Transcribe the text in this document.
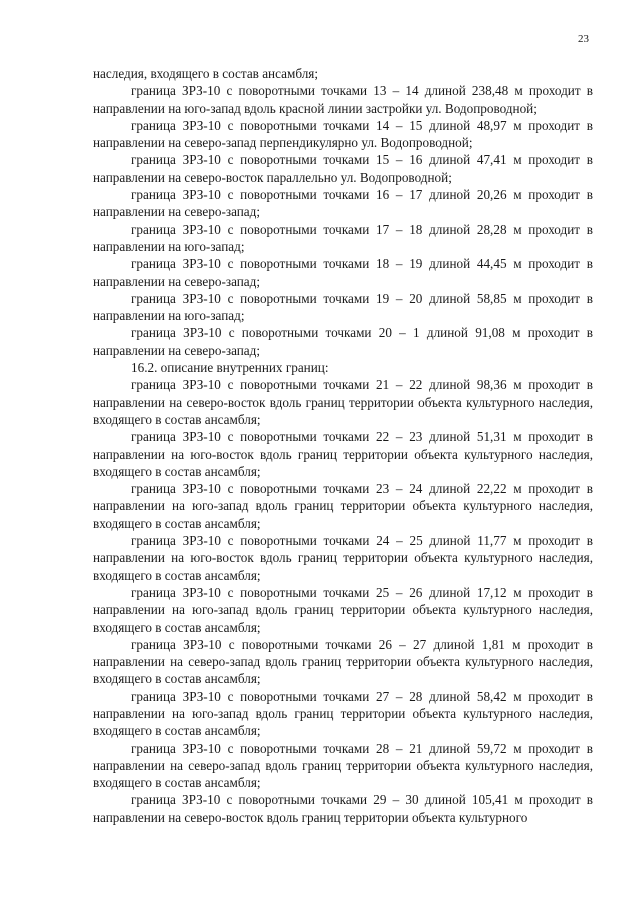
23

наследия, входящего в состав ансамбля;

граница ЗРЗ-10 с поворотными точками 13 – 14 длиной 238,48 м проходит в направлении на юго-запад вдоль красной линии застройки ул. Водопроводной;

граница ЗРЗ-10 с поворотными точками 14 – 15 длиной 48,97 м проходит в направлении на северо-запад перпендикулярно ул. Водопроводной;

граница ЗРЗ-10 с поворотными точками 15 – 16 длиной 47,41 м проходит в направлении на северо-восток параллельно ул. Водопроводной;

граница ЗРЗ-10 с поворотными точками 16 – 17 длиной 20,26 м проходит в направлении на северо-запад;

граница ЗРЗ-10 с поворотными точками 17 – 18 длиной 28,28 м проходит в направлении на юго-запад;

граница ЗРЗ-10 с поворотными точками 18 – 19 длиной 44,45 м проходит в направлении на северо-запад;

граница ЗРЗ-10 с поворотными точками 19 – 20 длиной 58,85 м проходит в направлении на юго-запад;

граница ЗРЗ-10 с поворотными точками 20 – 1 длиной 91,08 м проходит в направлении на северо-запад;

16.2. описание внутренних границ:

граница ЗРЗ-10 с поворотными точками 21 – 22 длиной 98,36 м проходит в направлении на северо-восток вдоль границ территории объекта культурного наследия, входящего в состав ансамбля;

граница ЗРЗ-10 с поворотными точками 22 – 23 длиной 51,31 м проходит в направлении на юго-восток вдоль границ территории объекта культурного наследия, входящего в состав ансамбля;

граница ЗРЗ-10 с поворотными точками 23 – 24 длиной 22,22 м проходит в направлении на юго-запад вдоль границ территории объекта культурного наследия, входящего в состав ансамбля;

граница ЗРЗ-10 с поворотными точками 24 – 25 длиной 11,77 м проходит в направлении на юго-восток вдоль границ территории объекта культурного наследия, входящего в состав ансамбля;

граница ЗРЗ-10 с поворотными точками 25 – 26 длиной 17,12 м проходит в направлении на юго-запад вдоль границ территории объекта культурного наследия, входящего в состав ансамбля;

граница ЗРЗ-10 с поворотными точками 26 – 27 длиной 1,81 м проходит в направлении на северо-запад вдоль границ территории объекта культурного наследия, входящего в состав ансамбля;

граница ЗРЗ-10 с поворотными точками 27 – 28 длиной 58,42 м проходит в направлении на юго-запад вдоль границ территории объекта культурного наследия, входящего в состав ансамбля;

граница ЗРЗ-10 с поворотными точками 28 – 21 длиной 59,72 м проходит в направлении на северо-запад вдоль границ территории объекта культурного наследия, входящего в состав ансамбля;

граница ЗРЗ-10 с поворотными точками 29 – 30 длиной 105,41 м проходит в направлении на северо-восток вдоль границ территории объекта культурного
